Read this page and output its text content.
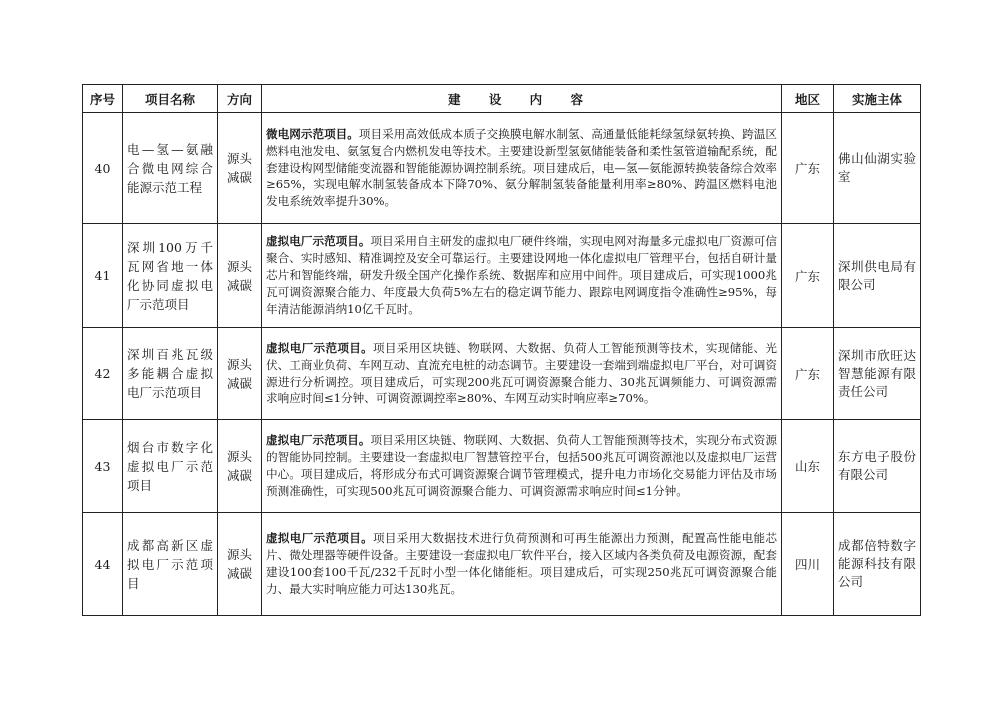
序号	项目名称	方向	建 设 内 容	地区	实施主体
40	电—氢—氨融合微电网综合能源示范工程	源头减碳	微电网示范项目。项目采用高效低成本质子交换膜电解水制氢、高通量低能耗绿氢绿氨转换、跨温区燃料电池发电、氨氢复合内燃机发电等技术。主要建设新型氢氨储能装备和柔性氢管道输配系统，配套建设构网型储能变流器和智能能源协调控制系统。项目建成后，电—氢—氨能源转换装备综合效率≥65%，实现电解水制氢装备成本下降70%、氨分解制氢装备能量利用率≥80%、跨温区燃料电池发电系统效率提升30%。	广东	佛山仙湖实验室
41	深圳100万千瓦网省地一体化协同虚拟电厂示范项目	源头减碳	虚拟电厂示范项目。项目采用自主研发的虚拟电厂硬件终端，实现电网对海量多元虚拟电厂资源可信聚合、实时感知、精准调控及安全可靠运行。主要建设网地一体化虚拟电厂管理平台，包括自研计量芯片和智能终端，研发升级全国产化操作系统、数据库和应用中间件。项目建成后，可实现1000兆瓦可调资源聚合能力、年度最大负荷5%左右的稳定调节能力、跟踪电网调度指令准确性≥95%，每年清洁能源消纳10亿千瓦时。	广东	深圳供电局有限公司
42	深圳百兆瓦级多能耦合虚拟电厂示范项目	源头减碳	虚拟电厂示范项目。项目采用区块链、物联网、大数据、负荷人工智能预测等技术，实现储能、光伏、工商业负荷、车网互动、直流充电桩的动态调节。主要建设一套端到端虚拟电厂平台，对可调资源进行分析调控。项目建成后，可实现200兆瓦可调资源聚合能力、30兆瓦调频能力、可调资源需求响应时间≤1分钟、可调资源调控率≥80%、车网互动实时响应率≥70%。	广东	深圳市欣旺达智慧能源有限责任公司
43	烟台市数字化虚拟电厂示范项目	源头减碳	虚拟电厂示范项目。项目采用区块链、物联网、大数据、负荷人工智能预测等技术，实现分布式资源的智能协同控制。主要建设一套虚拟电厂智慧管控平台，包括500兆瓦可调资源池以及虚拟电厂运营中心。项目建成后，将形成分布式可调资源聚合调节管理模式，提升电力市场化交易能力评估及市场预测准确性，可实现500兆瓦可调资源聚合能力、可调资源需求响应时间≤1分钟。	山东	东方电子股份有限公司
44	成都高新区虚拟电厂示范项目	源头减碳	虚拟电厂示范项目。项目采用大数据技术进行负荷预测和可再生能源出力预测，配置高性能电能芯片、微处理器等硬件设备。主要建设一套虚拟电厂软件平台，接入区域内各类负荷及电源资源，配套建设100套100千瓦/232千瓦时小型一体化储能柜。项目建成后，可实现250兆瓦可调资源聚合能力、最大实时响应能力可达130兆瓦。	四川	成都倍特数字能源科技有限公司
